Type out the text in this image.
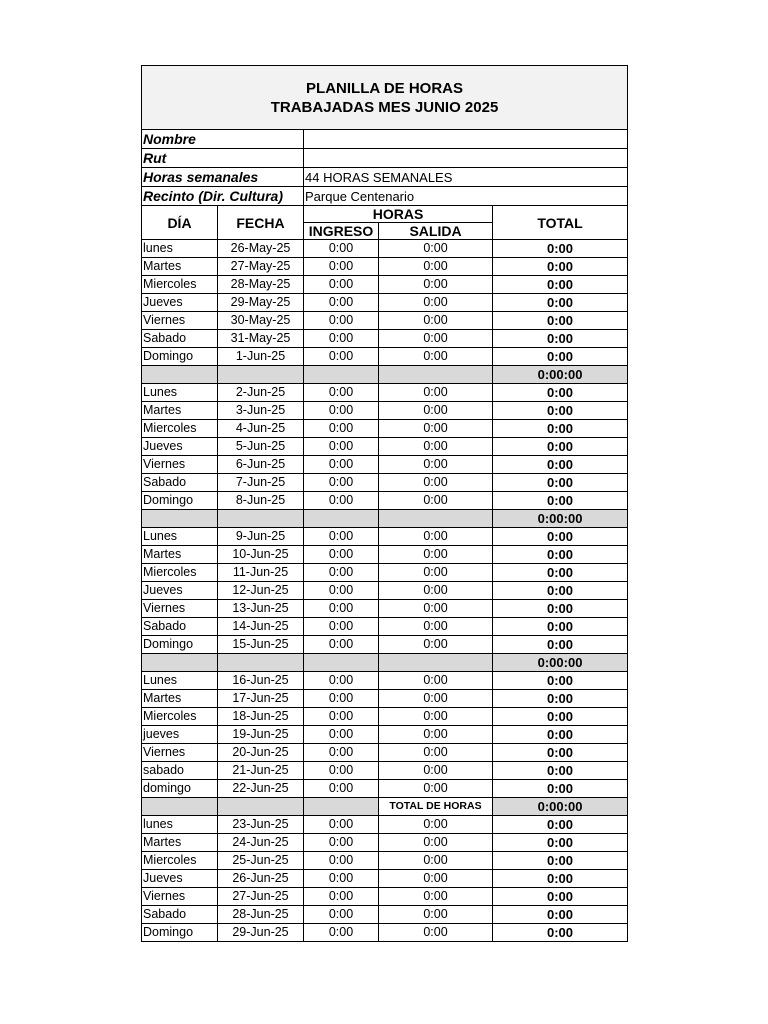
PLANILLA DE HORAS
TRABAJADAS MES JUNIO 2025				

Nombre				
Rut				
Horas semanales		44 HORAS SEMANALES		
Recinto (Dir. Cultura)		Parque Centenario		
DÍA	FECHA	HORAS		TOTAL
		INGRESO	SALIDA	
lunes	26-May-25	0:00	0:00	0:00
Martes	27-May-25	0:00	0:00	0:00
Miercoles	28-May-25	0:00	0:00	0:00
Jueves	29-May-25	0:00	0:00	0:00
Viernes	30-May-25	0:00	0:00	0:00
Sabado	31-May-25	0:00	0:00	0:00
Domingo	1-Jun-25	0:00	0:00	0:00
				0:00:00
Lunes	2-Jun-25	0:00	0:00	0:00
Martes	3-Jun-25	0:00	0:00	0:00
Miercoles	4-Jun-25	0:00	0:00	0:00
Jueves	5-Jun-25	0:00	0:00	0:00
Viernes	6-Jun-25	0:00	0:00	0:00
Sabado	7-Jun-25	0:00	0:00	0:00
Domingo	8-Jun-25	0:00	0:00	0:00
				0:00:00
Lunes	9-Jun-25	0:00	0:00	0:00
Martes	10-Jun-25	0:00	0:00	0:00
Miercoles	11-Jun-25	0:00	0:00	0:00
Jueves	12-Jun-25	0:00	0:00	0:00
Viernes	13-Jun-25	0:00	0:00	0:00
Sabado	14-Jun-25	0:00	0:00	0:00
Domingo	15-Jun-25	0:00	0:00	0:00
				0:00:00
Lunes	16-Jun-25	0:00	0:00	0:00
Martes	17-Jun-25	0:00	0:00	0:00
Miercoles	18-Jun-25	0:00	0:00	0:00
jueves	19-Jun-25	0:00	0:00	0:00
Viernes	20-Jun-25	0:00	0:00	0:00
sabado	21-Jun-25	0:00	0:00	0:00
domingo	22-Jun-25	0:00	0:00	0:00
			TOTAL DE HORAS	0:00:00
lunes	23-Jun-25	0:00	0:00	0:00
Martes	24-Jun-25	0:00	0:00	0:00
Miercoles	25-Jun-25	0:00	0:00	0:00
Jueves	26-Jun-25	0:00	0:00	0:00
Viernes	27-Jun-25	0:00	0:00	0:00
Sabado	28-Jun-25	0:00	0:00	0:00
Domingo	29-Jun-25	0:00	0:00	0:00
